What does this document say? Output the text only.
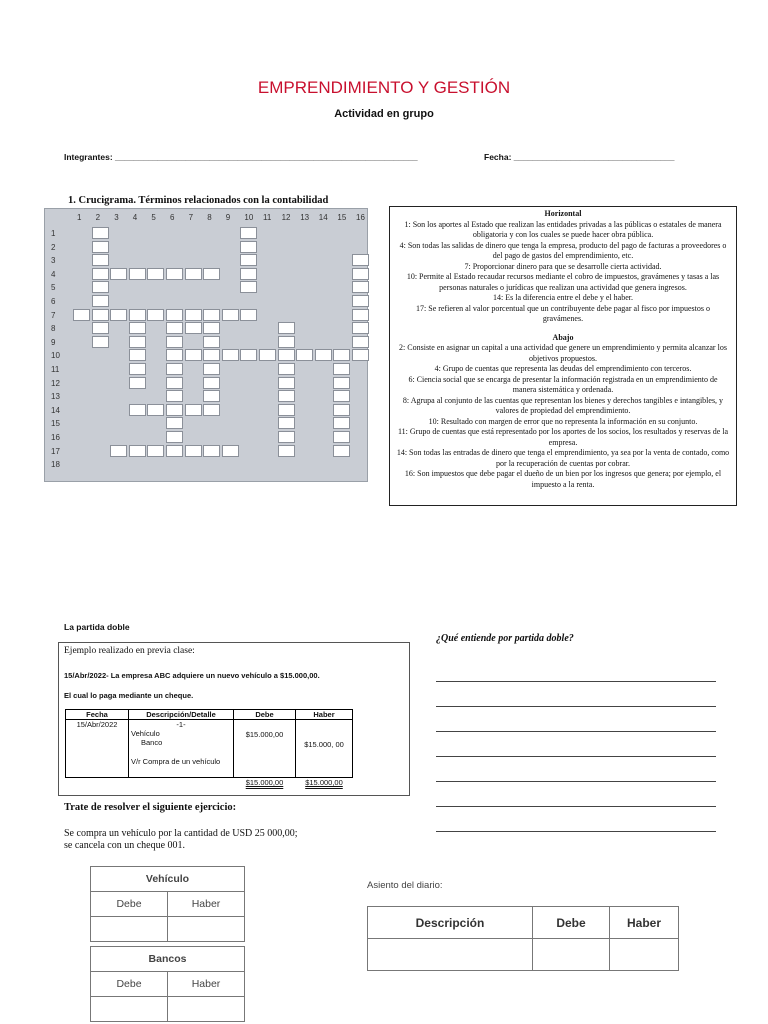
EMPRENDIMIENTO Y GESTIÓN
Actividad en grupo
Integrantes: ________________________________________________________________	Fecha: __________________________________
1. Crucigrama. Términos relacionados con la contabilidad
1 2 3 4 5 6 7 8 9 10 11 12 13 14 15 16
1
2
3
4
5
6
7
8
9
10
11
12
13
14
15
16
17
18

Horizontal

1: Son los aportes al Estado que realizan las entidades privadas a las públicas o estatales de manera obligatoria y con los cuales se puede hacer obra pública.

4: Son todas las salidas de dinero que tenga la empresa, producto del pago de facturas a proveedores o del pago de gastos del emprendimiento, etc.

7: Proporcionar dinero para que se desarrolle cierta actividad.

10: Permite al Estado recaudar recursos mediante el cobro de impuestos, gravámenes y tasas a las personas naturales o jurídicas que realizan una actividad que genera ingresos.

14: Es la diferencia entre el debe y el haber.

17: Se refieren al valor porcentual que un contribuyente debe pagar al fisco por impuestos o gravámenes.

Abajo

2: Consiste en asignar un capital a una actividad que genere un emprendimiento y permita alcanzar los objetivos propuestos.

4: Grupo de cuentas que representa las deudas del emprendimiento con terceros.

6: Ciencia social que se encarga de presentar la información registrada en un emprendimiento de manera sistemática y ordenada.

8: Agrupa al conjunto de las cuentas que representan los bienes y derechos tangibles e intangibles, y valores de propiedad del emprendimiento.

10: Resultado con margen de error que no representa la información en su conjunto.

11: Grupo de cuentas que está representado por los aportes de los socios, los resultados y reservas de la empresa.

14: Son todas las entradas de dinero que tenga el emprendimiento, ya sea por la venta de contado, como por la recuperación de cuentas por cobrar.

16: Son impuestos que debe pagar el dueño de un bien por los ingresos que genera; por ejemplo, el impuesto a la renta.

La partida doble
¿Qué entiende por partida doble?
Ejemplo realizado en previa clase:
15/Abr/2022- La empresa ABC adquiere un nuevo vehículo a $15.000,00.
El cual lo paga mediante un cheque.
Fecha	Descripción/Detalle	Debe	Haber
15/Abr/2022	-1-
Vehículo
Banco
V/r Compra de un vehículo	$15.000,00	$15.000, 00
		$15.000,00	$15.000,00
Trate de resolver el siguiente ejercicio:
Se compra un vehículo por la cantidad de USD 25 000,00;
se cancela con un cheque 001.
Vehículo	
Debe	Haber

Bancos	
Debe	Haber

Asiento del diario:
Descripción	Debe	Haber
